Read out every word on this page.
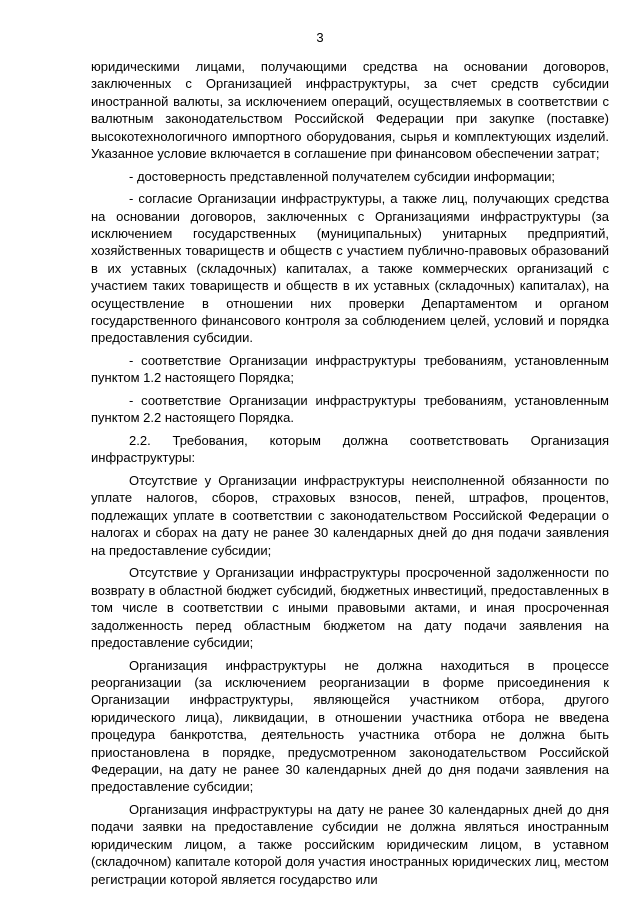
3

юридическими лицами, получающими средства на основании договоров, заключенных с Организацией инфраструктуры, за счет средств субсидии иностранной валюты, за исключением операций, осуществляемых в соответствии с валютным законодательством Российской Федерации при закупке (поставке) высокотехнологичного импортного оборудования, сырья и комплектующих изделий. Указанное условие включается в соглашение при финансовом обеспечении затрат;

- достоверность представленной получателем субсидии информации;

- согласие Организации инфраструктуры, а также лиц, получающих средства на основании договоров, заключенных с Организациями инфраструктуры (за исключением государственных (муниципальных) унитарных предприятий, хозяйственных товариществ и обществ с участием публично-правовых образований в их уставных (складочных) капиталах, а также коммерческих организаций с участием таких товариществ и обществ в их уставных (складочных) капиталах), на осуществление в отношении них проверки Департаментом и органом государственного финансового контроля за соблюдением целей, условий и порядка предоставления субсидии.

- соответствие Организации инфраструктуры требованиям, установленным пунктом 1.2 настоящего Порядка;

- соответствие Организации инфраструктуры требованиям, установленным пунктом 2.2 настоящего Порядка.

2.2. Требования, которым должна соответствовать Организация инфраструктуры:

Отсутствие у Организации инфраструктуры неисполненной обязанности по уплате налогов, сборов, страховых взносов, пеней, штрафов, процентов, подлежащих уплате в соответствии с законодательством Российской Федерации о налогах и сборах на дату не ранее 30 календарных дней до дня подачи заявления на предоставление субсидии;

Отсутствие у Организации инфраструктуры просроченной задолженности по возврату в областной бюджет субсидий, бюджетных инвестиций, предоставленных в том числе в соответствии с иными правовыми актами, и иная просроченная задолженность перед областным бюджетом на дату подачи заявления на предоставление субсидии;

Организация инфраструктуры не должна находиться в процессе реорганизации (за исключением реорганизации в форме присоединения к Организации инфраструктуры, являющейся участником отбора, другого юридического лица), ликвидации, в отношении участника отбора не введена процедура банкротства, деятельность участника отбора не должна быть приостановлена в порядке, предусмотренном законодательством Российской Федерации, на дату не ранее 30 календарных дней до дня подачи заявления на предоставление субсидии;

Организация инфраструктуры на дату не ранее 30 календарных дней до дня подачи заявки на предоставление субсидии не должна являться иностранным юридическим лицом, а также российским юридическим лицом, в уставном (складочном) капитале которой доля участия иностранных юридических лиц, местом регистрации которой является государство или
